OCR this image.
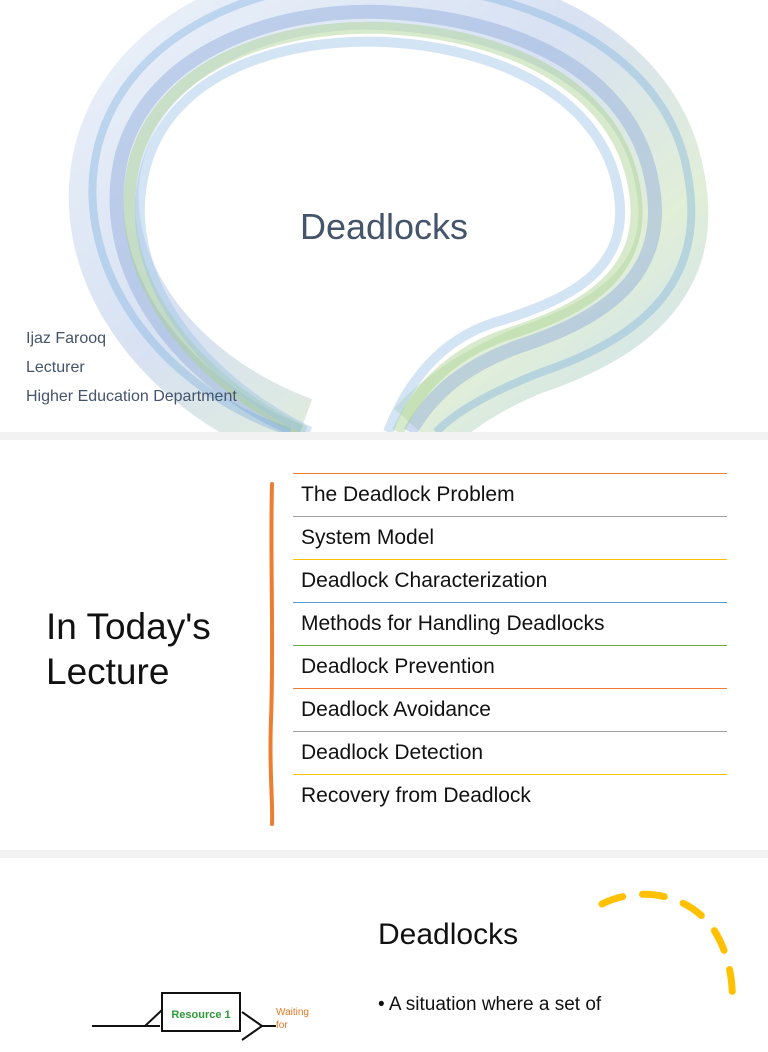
Deadlocks
Ijaz Farooq
Lecturer
Higher Education Department
In Today's
Lecture
The Deadlock Problem
System Model
Deadlock Characterization
Methods for Handling Deadlocks
Deadlock Prevention
Deadlock Avoidance
Deadlock Detection
Recovery from Deadlock
Deadlocks
• A situation where a set of
Resource 1	Waiting
for
